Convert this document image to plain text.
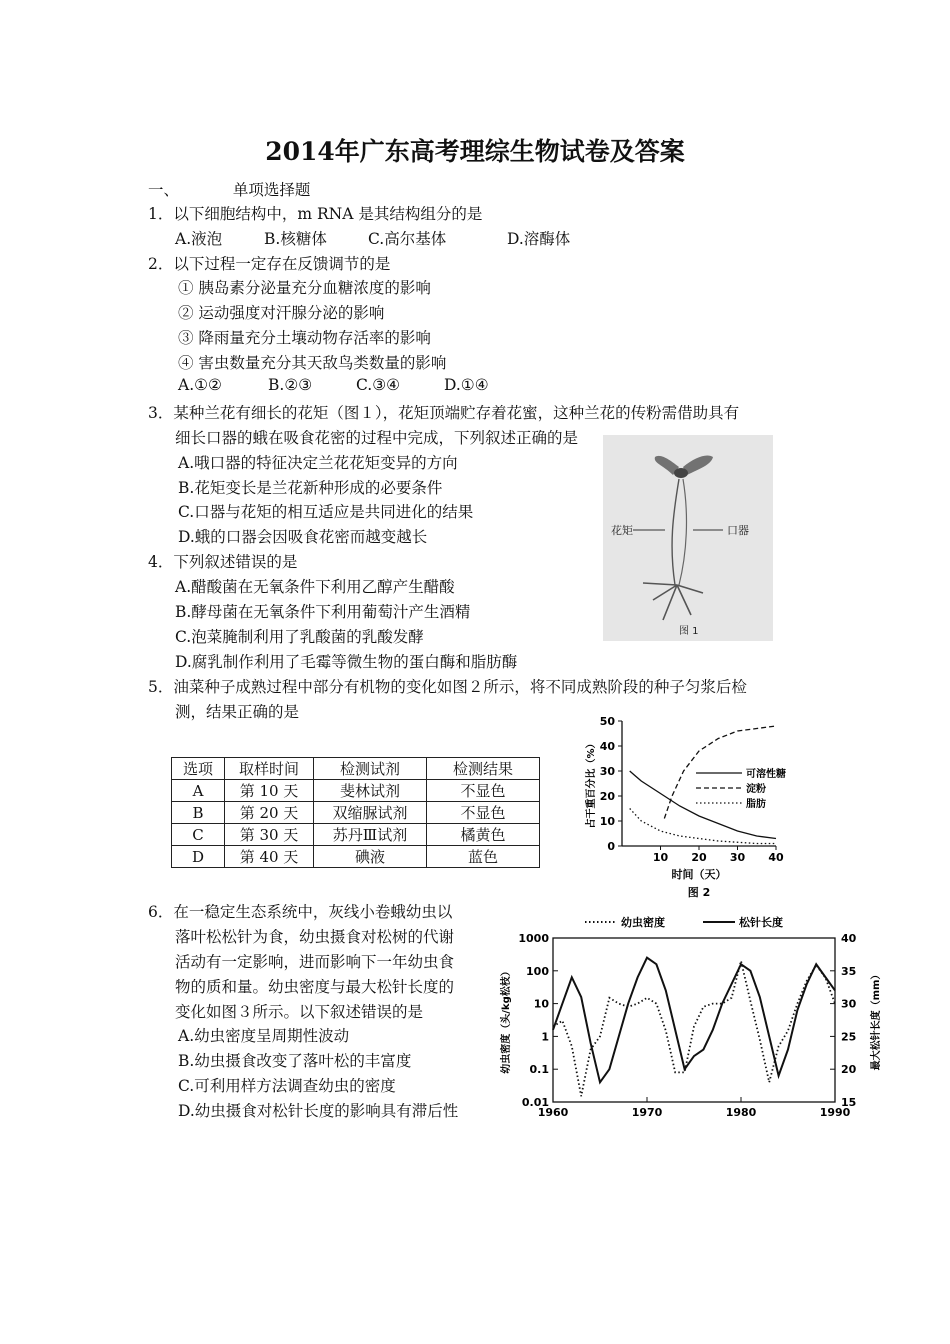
2014年广东高考理综生物试卷及答案
一、	单项选择题
1．以下细胞结构中，m RNA 是其结构组分的是
A.液泡	B.核糖体	C.高尔基体	D.溶酶体
2．以下过程一定存在反馈调节的是
① 胰岛素分泌量充分血糖浓度的影响
② 运动强度对汗腺分泌的影响
③ 降雨量充分土壤动物存活率的影响
④ 害虫数量充分其天敌鸟类数量的影响
A.①②	B.②③	C.③④	D.①④
3．某种兰花有细长的花矩（图１），花矩顶端贮存着花蜜，这种兰花的传粉需借助具有
细长口器的蛾在吸食花密的过程中完成，下列叙述正确的是
A.哦口器的特征决定兰花花矩变异的方向
B.花矩变长是兰花新种形成的必要条件
C.口器与花矩的相互适应是共同进化的结果
D.蛾的口器会因吸食花密而越变越长	花矩	口器
图 1
4．下列叙述错误的是
A.醋酸菌在无氧条件下利用乙醇产生醋酸
B.酵母菌在无氧条件下利用葡萄汁产生酒精
C.泡菜腌制利用了乳酸菌的乳酸发酵
D.腐乳制作利用了毛霉等微生物的蛋白酶和脂肪酶
5．油菜种子成熟过程中部分有机物的变化如图２所示，将不同成熟阶段的种子匀浆后检
测，结果正确的是
选项	取样时间	检测试剂	检测结果
A	第 10 天	斐林试剂	不显色
B	第 20 天	双缩脲试剂	不显色
C	第 30 天	苏丹Ⅲ试剂	橘黄色
D	第 40 天	碘液	蓝色
0
10
20
30
40
50
10 20 30 40
时间（天）
图 2
占干重百分比（%）	可溶性糖
淀粉
脂肪
6．在一稳定生态系统中，灰线小卷蛾幼虫以
落叶松松针为食，幼虫摄食对松树的代谢
活动有一定影响，进而影响下一年幼虫食
物的质和量。幼虫密度与最大松针长度的
变化如图３所示。以下叙述错误的是
A.幼虫密度呈周期性波动
B.幼虫摄食改变了落叶松的丰富度
C.可利用样方法调查幼虫的密度
D.幼虫摄食对松针长度的影响具有滞后性
1000
100
10
1
0.1
0.01	15
20
25
30
35
40
1960	1970	1980	1990
幼虫密度（头/kg松枝）	最大松针长度（mm）
幼虫密度	松针长度
